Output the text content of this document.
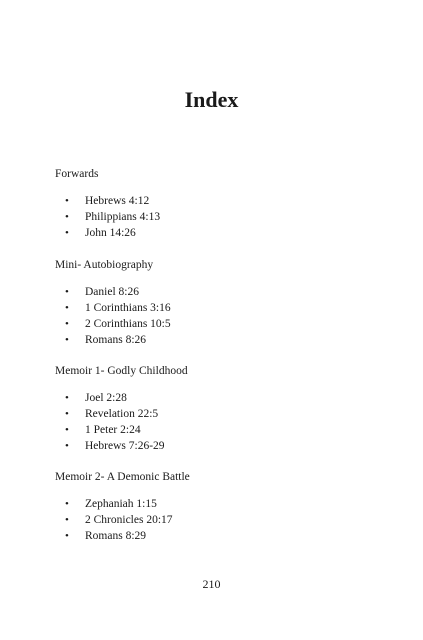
Index
Forwards
• Hebrews 4:12
• Philippians 4:13
• John 14:26
Mini- Autobiography
• Daniel 8:26
• 1 Corinthians 3:16
• 2 Corinthians 10:5
• Romans 8:26
Memoir 1- Godly Childhood
• Joel 2:28
• Revelation 22:5
• 1 Peter 2:24
• Hebrews 7:26-29
Memoir 2- A Demonic Battle
• Zephaniah 1:15
• 2 Chronicles 20:17
• Romans 8:29
210
